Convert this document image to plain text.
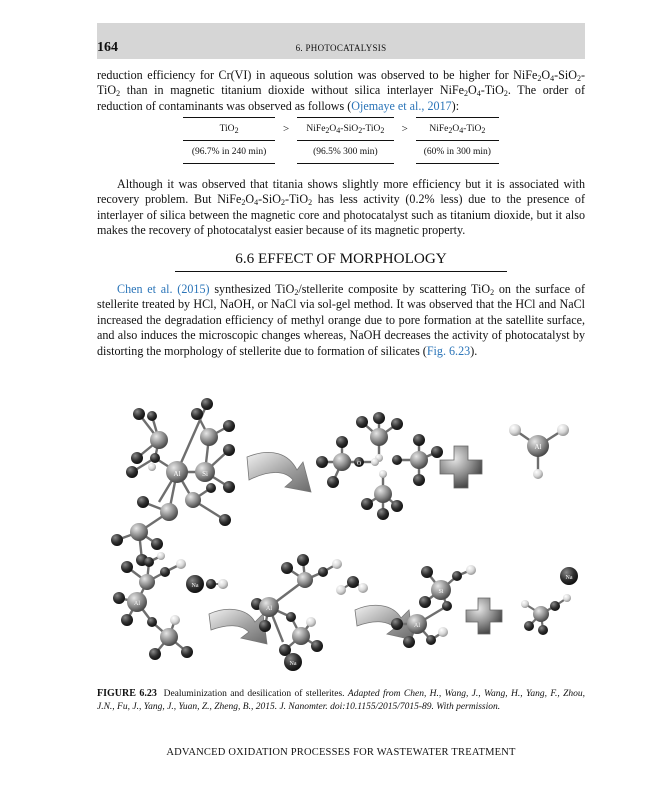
164	6. PHOTOCATALYSIS

reduction efficiency for Cr(VI) in aqueous solution was observed to be higher for $NiFe_2O_4-SiO_2-TiO_2$ than in magnetic titanium dioxide without silica interlayer $NiFe_2O_4-TiO_2$. The order of reduction of contaminants was observed as follows (Ojemaye et al., 2017):

TiO$_2$	>	$NiFe_2O_4-SiO_2-TiO_2$	>	$NiFe_2O_4-TiO_2$
(96.7% in 240 min)		(96.5% 300 min)		(60% in 300 min)

Although it was observed that titania shows slightly more efficiency but it is associated with recovery problem. But $NiFe_2O_4-SiO_2-TiO_2$ has less activity (0.2% less) due to the presence of interlayer of silica between the magnetic core and photocatalyst such as titanium dioxide, but it also makes the recovery of photocatalyst easier because of its magnetic property.

6.6 EFFECT OF MORPHOLOGY

Chen et al. (2015) synthesized TiO$_2$/stellerite composite by scattering TiO$_2$ on the surface of stellerite treated by HCl, NaOH, or NaCl via sol-gel method. It was observed that the HCl and NaCl increased the degradation efficiency of methyl orange due to pore formation at the satellite surface, and also induces the microscopic changes whereas, NaOH decreases the activity of photocatalyst by distorting the morphology of stellerite due to formation of silicates (Fig. 6.23).

Al	Si
O
Al
Al
Na
Al
Na
Si
Al
Na

FIGURE 6.23 Dealuminization and desilication of stellerites. Adapted from Chen, H., Wang, J., Wang, H., Yang, F., Zhou, J.N., Fu, J., Yang, J., Yuan, Z., Zheng, B., 2015. J. Nanomter. doi:10.1155/2015/7015-89. With permission.

ADVANCED OXIDATION PROCESSES FOR WASTEWATER TREATMENT
